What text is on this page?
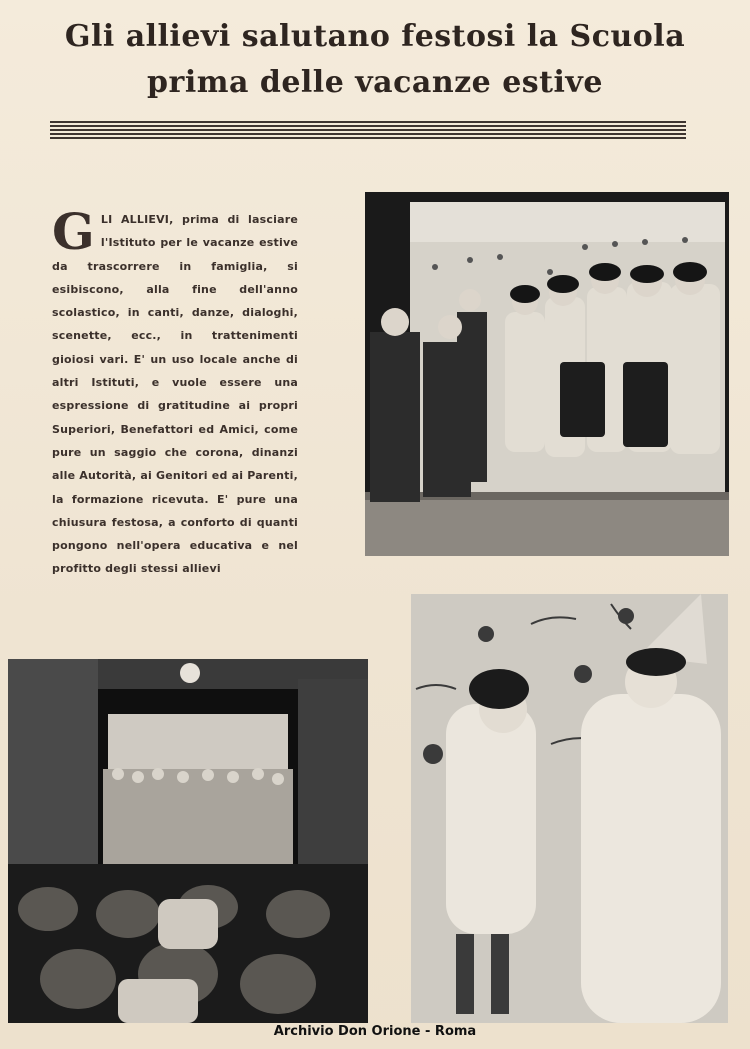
Gli allievi salutano festosi la Scuola
prima delle vacanze estive
G LI ALLIEVI, prima di lasciare l'Istituto per le vacanze estive da trascorrere in famiglia, si esibiscono, alla fine dell'anno scolastico, in canti, danze, dialoghi, scenette, ecc., in trattenimenti gioiosi vari. E' un uso locale anche di altri Istituti, e vuole essere una espressione di gratitudine ai propri Superiori, Benefattori ed Amici, come pure un saggio che corona, dinanzi alle Autorità, ai Genitori ed ai Parenti, la formazione ricevuta. E' pure una chiusura festosa, a conforto di quanti pongono nell'opera educativa e nel profitto degli stessi allievi
Archivio Don Orione - Roma
